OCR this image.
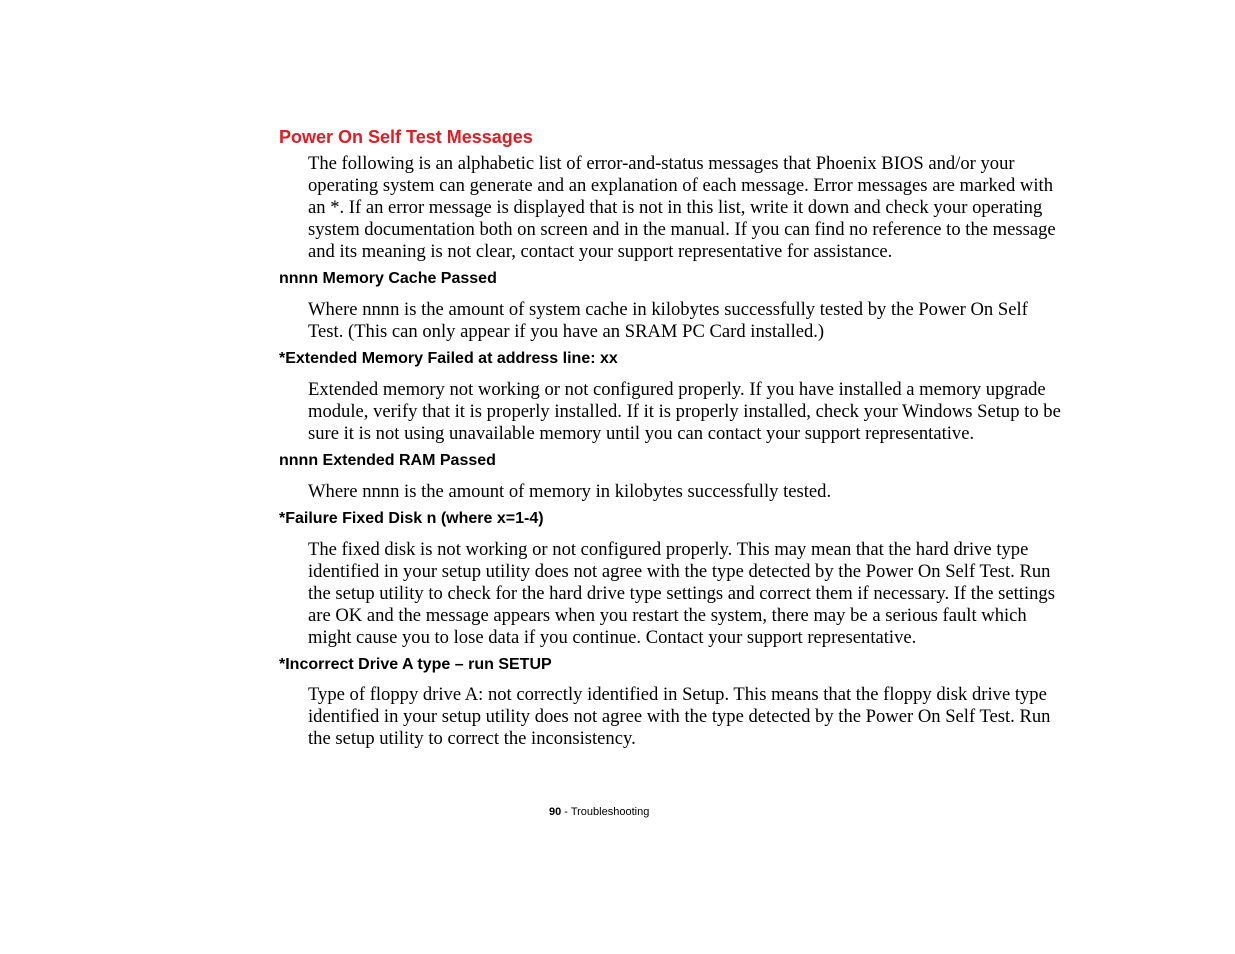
Power On Self Test Messages

The following is an alphabetic list of error-and-status messages that Phoenix BIOS and/or your operating system can generate and an explanation of each message. Error messages are marked with an *. If an error message is displayed that is not in this list, write it down and check your operating system documentation both on screen and in the manual. If you can find no reference to the message and its meaning is not clear, contact your support representative for assistance.

nnnn Memory Cache Passed

Where nnnn is the amount of system cache in kilobytes successfully tested by the Power On Self Test. (This can only appear if you have an SRAM PC Card installed.)

*Extended Memory Failed at address line: xx

Extended memory not working or not configured properly. If you have installed a memory upgrade module, verify that it is properly installed. If it is properly installed, check your Windows Setup to be sure it is not using unavailable memory until you can contact your support representative.

nnnn Extended RAM Passed

Where nnnn is the amount of memory in kilobytes successfully tested.

*Failure Fixed Disk n (where x=1-4)

The fixed disk is not working or not configured properly. This may mean that the hard drive type identified in your setup utility does not agree with the type detected by the Power On Self Test. Run the setup utility to check for the hard drive type settings and correct them if necessary. If the settings are OK and the message appears when you restart the system, there may be a serious fault which might cause you to lose data if you continue. Contact your support representative.

*Incorrect Drive A type – run SETUP

Type of floppy drive A: not correctly identified in Setup. This means that the floppy disk drive type identified in your setup utility does not agree with the type detected by the Power On Self Test. Run the setup utility to correct the inconsistency.

90 - Troubleshooting
